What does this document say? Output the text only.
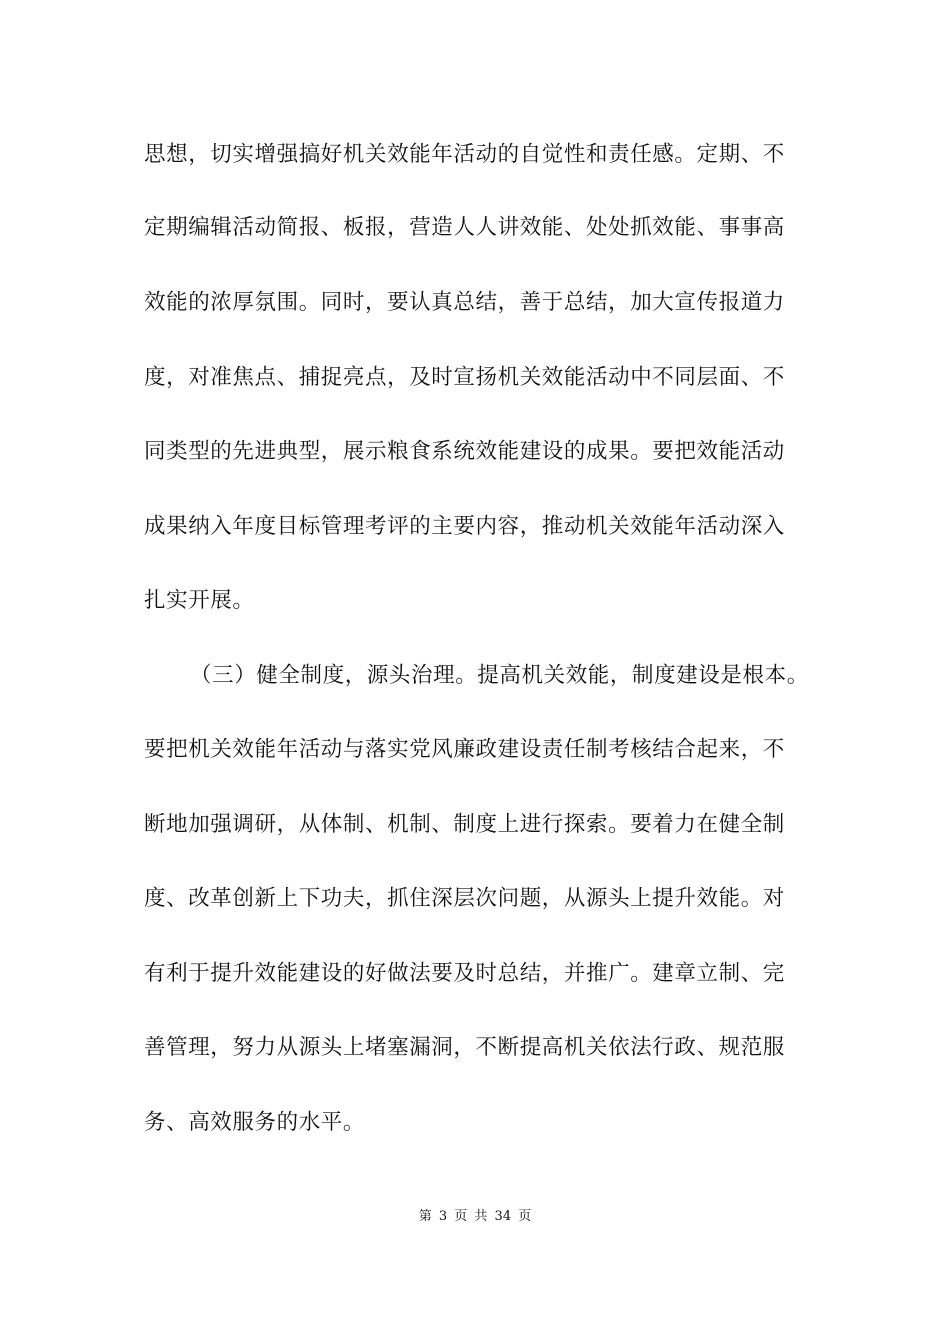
思想，切实增强搞好机关效能年活动的自觉性和责任感。定期、不
定期编辑活动简报、板报，营造人人讲效能、处处抓效能、事事高
效能的浓厚氛围。同时，要认真总结，善于总结，加大宣传报道力
度，对准焦点、捕捉亮点，及时宣扬机关效能活动中不同层面、不
同类型的先进典型，展示粮食系统效能建设的成果。要把效能活动
成果纳入年度目标管理考评的主要内容，推动机关效能年活动深入
扎实开展。
（三）健全制度，源头治理。提高机关效能，制度建设是根本。
要把机关效能年活动与落实党风廉政建设责任制考核结合起来，不
断地加强调研，从体制、机制、制度上进行探索。要着力在健全制
度、改革创新上下功夫，抓住深层次问题，从源头上提升效能。对
有利于提升效能建设的好做法要及时总结，并推广。建章立制、完
善管理，努力从源头上堵塞漏洞，不断提高机关依法行政、规范服
务、高效服务的水平。
第 3 页 共 34 页
